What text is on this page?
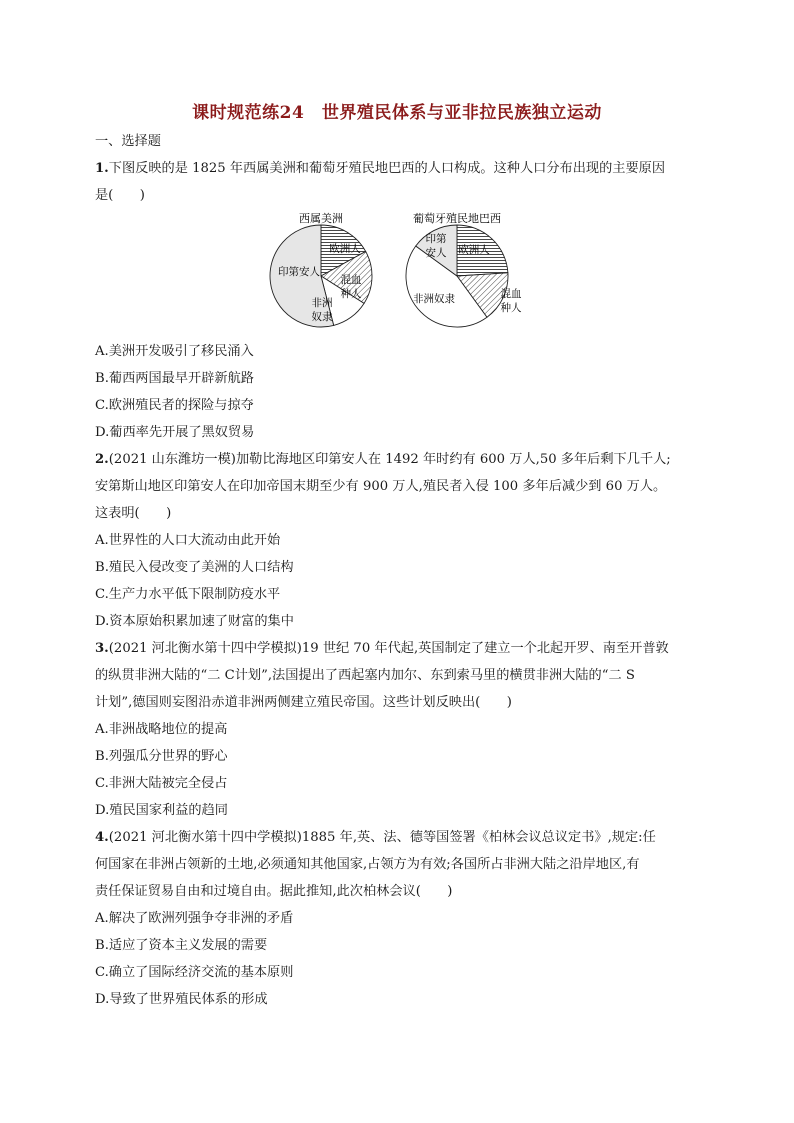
课时规范练24　世界殖民体系与亚非拉民族独立运动
一、选择题
1.下图反映的是 1825 年西属美洲和葡萄牙殖民地巴西的人口构成。这种人口分布出现的主要原因
是(　　)
西属美洲	葡萄牙殖民地巴西
欧洲人
混血
种人
非洲
奴隶
印第安人
欧洲人
混血
种人
非洲奴隶
印第
安人
A.美洲开发吸引了移民涌入
B.葡西两国最早开辟新航路
C.欧洲殖民者的探险与掠夺
D.葡西率先开展了黑奴贸易
2.(2021 山东潍坊一模)加勒比海地区印第安人在 1492 年时约有 600 万人,50 多年后剩下几千人;
安第斯山地区印第安人在印加帝国末期至少有 900 万人,殖民者入侵 100 多年后减少到 60 万人。
这表明(　　)
A.世界性的人口大流动由此开始
B.殖民入侵改变了美洲的人口结构
C.生产力水平低下限制防疫水平
D.资本原始积累加速了财富的集中
3.(2021 河北衡水第十四中学模拟)19 世纪 70 年代起,英国制定了建立一个北起开罗、南至开普敦
的纵贯非洲大陆的“二 C计划”,法国提出了西起塞内加尔、东到索马里的横贯非洲大陆的“二 S
计划”,德国则妄图沿赤道非洲两侧建立殖民帝国。这些计划反映出(　　)
A.非洲战略地位的提高
B.列强瓜分世界的野心
C.非洲大陆被完全侵占
D.殖民国家利益的趋同
4.(2021 河北衡水第十四中学模拟)1885 年,英、法、德等国签署《柏林会议总议定书》,规定:任
何国家在非洲占领新的土地,必须通知其他国家,占领方为有效;各国所占非洲大陆之沿岸地区,有
责任保证贸易自由和过境自由。据此推知,此次柏林会议(　　)
A.解决了欧洲列强争夺非洲的矛盾
B.适应了资本主义发展的需要
C.确立了国际经济交流的基本原则
D.导致了世界殖民体系的形成
